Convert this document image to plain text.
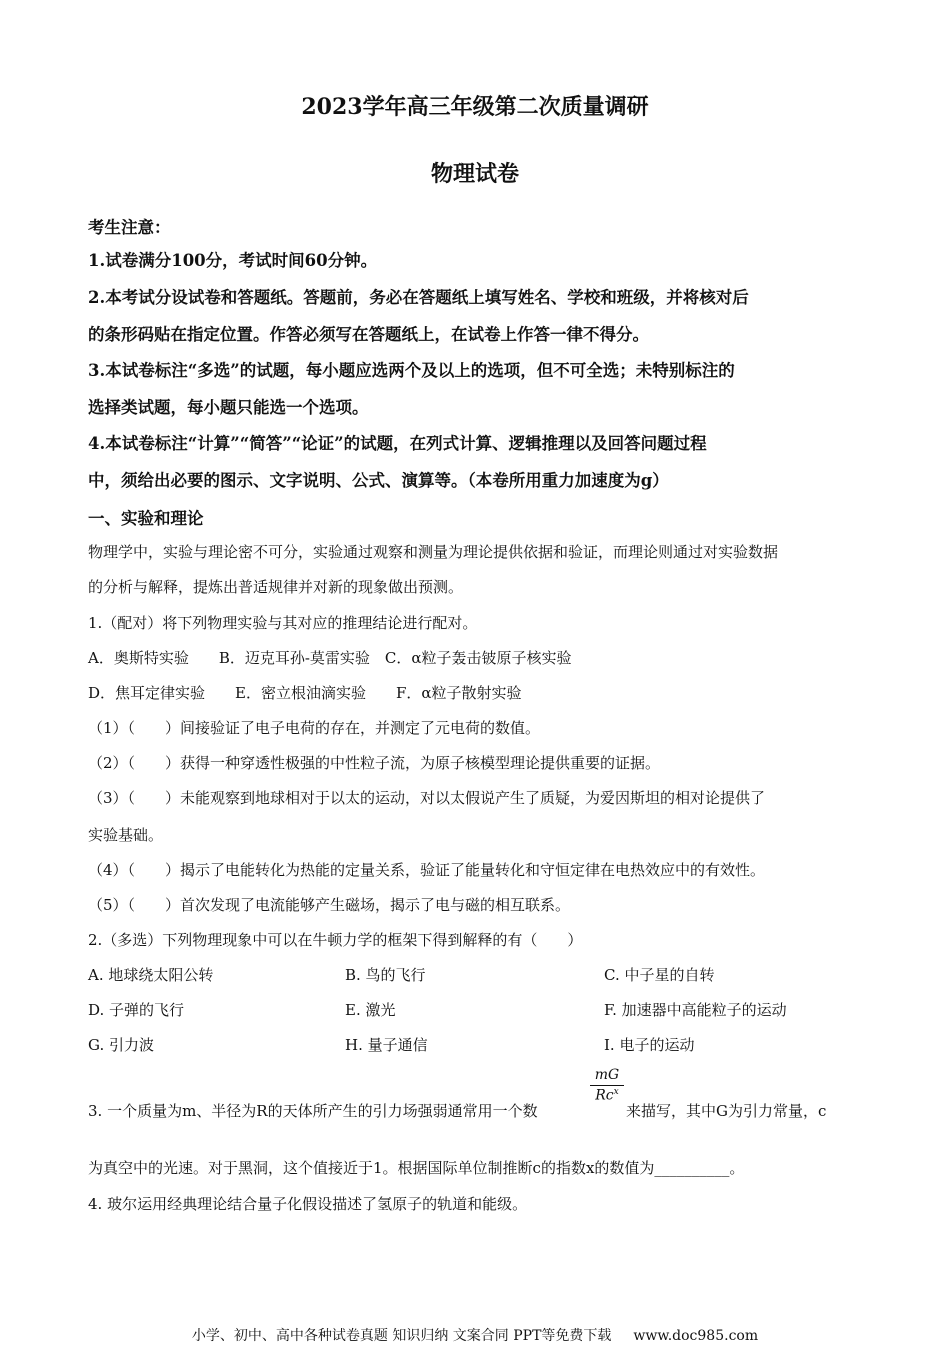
2023学年高三年级第二次质量调研
物理试卷
考生注意：
1.试卷满分100分，考试时间60分钟。
2.本考试分设试卷和答题纸。答题前，务必在答题纸上填写姓名、学校和班级，并将核对后
的条形码贴在指定位置。作答必须写在答题纸上，在试卷上作答一律不得分。
3.本试卷标注“多选”的试题，每小题应选两个及以上的选项，但不可全选；未特别标注的
选择类试题，每小题只能选一个选项。
4.本试卷标注“计算”“简答”“论证”的试题，在列式计算、逻辑推理以及回答问题过程
中，须给出必要的图示、文字说明、公式、演算等。（本卷所用重力加速度为g）
一、实验和理论
物理学中，实验与理论密不可分，实验通过观察和测量为理论提供依据和验证，而理论则通过对实验数据
的分析与解释，提炼出普适规律并对新的现象做出预测。
1.（配对）将下列物理实验与其对应的推理结论进行配对。
A．奥斯特实验　　B．迈克耳孙-莫雷实验　C．α粒子轰击铍原子核实验
D．焦耳定律实验　　E．密立根油滴实验　　F．α粒子散射实验
（1）（　　）间接验证了电子电荷的存在，并测定了元电荷的数值。
（2）（　　）获得一种穿透性极强的中性粒子流，为原子核模型理论提供重要的证据。
（3）（　　）未能观察到地球相对于以太的运动，对以太假说产生了质疑，为爱因斯坦的相对论提供了
实验基础。
（4）（　　）揭示了电能转化为热能的定量关系，验证了能量转化和守恒定律在电热效应中的有效性。
（5）（　　）首次发现了电流能够产生磁场，揭示了电与磁的相互联系。
2.（多选）下列物理现象中可以在牛顿力学的框架下得到解释的有（　　）
A. 地球绕太阳公转	B. 鸟的飞行	C. 中子星的自转
D. 子弹的飞行	E. 激光	F. 加速器中高能粒子的运动
G. 引力波	H. 量子通信	I. 电子的运动
3. 一个质量为m、半径为R的天体所产生的引力场强弱通常用一个数
mG
Rc$^x$
来描写，其中G为引力常量，c
为真空中的光速。对于黑洞，这个值接近于1。根据国际单位制推断c的指数x的数值为__________。
4. 玻尔运用经典理论结合量子化假设描述了氢原子的轨道和能级。
小学、初中、高中各种试卷真题 知识归纳 文案合同 PPT等免费下载 www.doc985.com
